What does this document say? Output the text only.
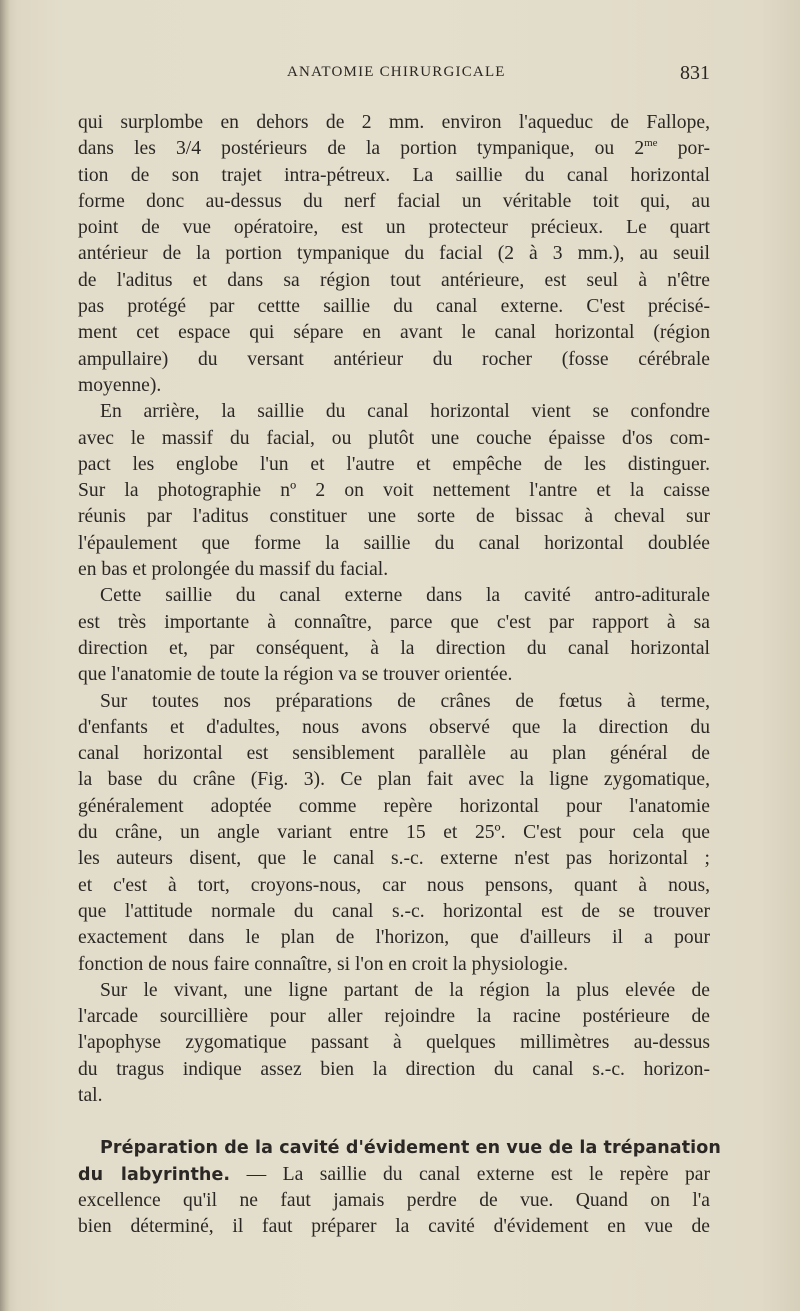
ANATOMIE CHIRURGICALE	831
qui surplombe en dehors de 2 mm. environ l'aqueduc de Fallope,
dans les 3/4 postérieurs de la portion tympanique, ou $2^{me}$ por-
tion de son trajet intra-pétreux. La saillie du canal horizontal
forme donc au-dessus du nerf facial un véritable toit qui, au
point de vue opératoire, est un protecteur précieux. Le quart
antérieur de la portion tympanique du facial (2 à 3 mm.), au seuil
de l'aditus et dans sa région tout antérieure, est seul à n'être
pas protégé par cettte saillie du canal externe. C'est précisé-
ment cet espace qui sépare en avant le canal horizontal (région
ampullaire) du versant antérieur du rocher (fosse cérébrale
moyenne).
En arrière, la saillie du canal horizontal vient se confondre
avec le massif du facial, ou plutôt une couche épaisse d'os com-
pact les englobe l'un et l'autre et empêche de les distinguer.
Sur la photographie nº 2 on voit nettement l'antre et la caisse
réunis par l'aditus constituer une sorte de bissac à cheval sur
l'épaulement que forme la saillie du canal horizontal doublée
en bas et prolongée du massif du facial.
Cette saillie du canal externe dans la cavité antro-aditurale
est très importante à connaître, parce que c'est par rapport à sa
direction et, par conséquent, à la direction du canal horizontal
que l'anatomie de toute la région va se trouver orientée.
Sur toutes nos préparations de crânes de fœtus à terme,
d'enfants et d'adultes, nous avons observé que la direction du
canal horizontal est sensiblement parallèle au plan général de
la base du crâne (Fig. 3). Ce plan fait avec la ligne zygomatique,
généralement adoptée comme repère horizontal pour l'anatomie
du crâne, un angle variant entre 15 et 25º. C'est pour cela que
les auteurs disent, que le canal s.-c. externe n'est pas horizontal ;
et c'est à tort, croyons-nous, car nous pensons, quant à nous,
que l'attitude normale du canal s.-c. horizontal est de se trouver
exactement dans le plan de l'horizon, que d'ailleurs il a pour
fonction de nous faire connaître, si l'on en croit la physiologie.
Sur le vivant, une ligne partant de la région la plus elevée de
l'arcade sourcillière pour aller rejoindre la racine postérieure de
l'apophyse zygomatique passant à quelques millimètres au-dessus
du tragus indique assez bien la direction du canal s.-c. horizon-
tal.
Préparation de la cavité d'évidement en vue de la trépanation
du labyrinthe. — La saillie du canal externe est le repère par
excellence qu'il ne faut jamais perdre de vue. Quand on l'a
bien déterminé, il faut préparer la cavité d'évidement en vue de
